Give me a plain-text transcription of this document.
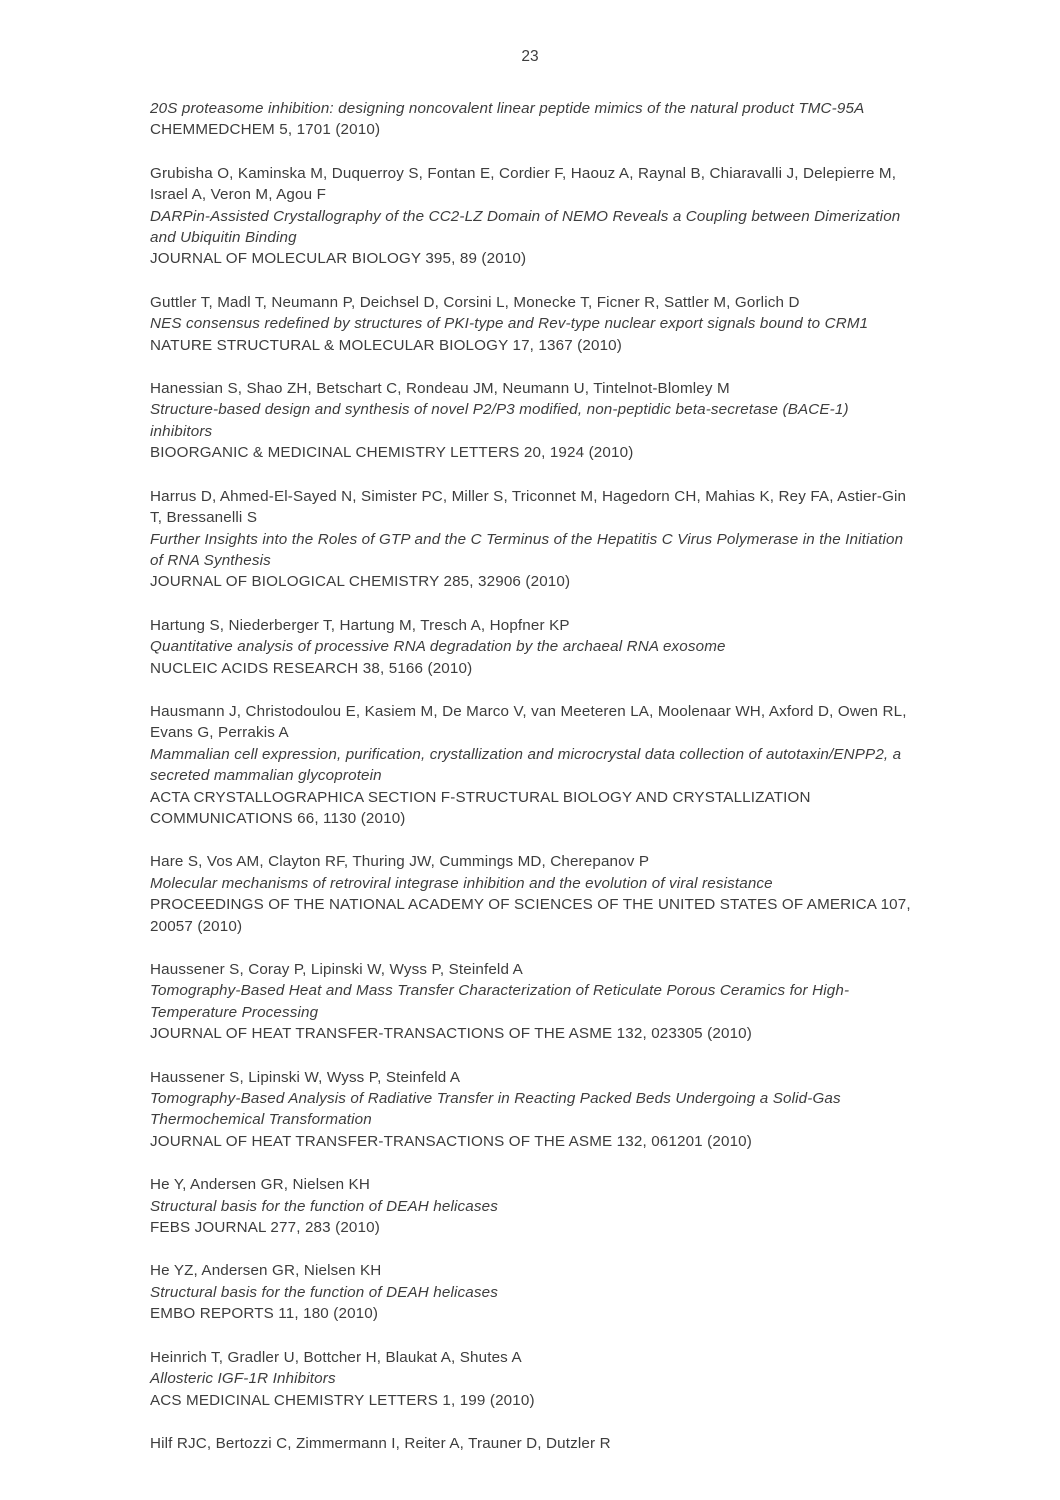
23
20S proteasome inhibition: designing noncovalent linear peptide mimics of the natural product TMC-95A
CHEMMEDCHEM 5, 1701 (2010)
Grubisha O, Kaminska M, Duquerroy S, Fontan E, Cordier F, Haouz A, Raynal B, Chiaravalli J, Delepierre M, Israel A, Veron M, Agou F
DARPin-Assisted Crystallography of the CC2-LZ Domain of NEMO Reveals a Coupling between Dimerization and Ubiquitin Binding
JOURNAL OF MOLECULAR BIOLOGY 395, 89 (2010)
Guttler T, Madl T, Neumann P, Deichsel D, Corsini L, Monecke T, Ficner R, Sattler M, Gorlich D
NES consensus redefined by structures of PKI-type and Rev-type nuclear export signals bound to CRM1
NATURE STRUCTURAL & MOLECULAR BIOLOGY 17, 1367 (2010)
Hanessian S, Shao ZH, Betschart C, Rondeau JM, Neumann U, Tintelnot-Blomley M
Structure-based design and synthesis of novel P2/P3 modified, non-peptidic beta-secretase (BACE-1) inhibitors
BIOORGANIC & MEDICINAL CHEMISTRY LETTERS 20, 1924 (2010)
Harrus D, Ahmed-El-Sayed N, Simister PC, Miller S, Triconnet M, Hagedorn CH, Mahias K, Rey FA, Astier-Gin T, Bressanelli S
Further Insights into the Roles of GTP and the C Terminus of the Hepatitis C Virus Polymerase in the Initiation of RNA Synthesis
JOURNAL OF BIOLOGICAL CHEMISTRY 285, 32906 (2010)
Hartung S, Niederberger T, Hartung M, Tresch A, Hopfner KP
Quantitative analysis of processive RNA degradation by the archaeal RNA exosome
NUCLEIC ACIDS RESEARCH 38, 5166 (2010)
Hausmann J, Christodoulou E, Kasiem M, De Marco V, van Meeteren LA, Moolenaar WH, Axford D, Owen RL, Evans G, Perrakis A
Mammalian cell expression, purification, crystallization and microcrystal data collection of autotaxin/ENPP2, a secreted mammalian glycoprotein
ACTA CRYSTALLOGRAPHICA SECTION F-STRUCTURAL BIOLOGY AND CRYSTALLIZATION COMMUNICATIONS 66, 1130 (2010)
Hare S, Vos AM, Clayton RF, Thuring JW, Cummings MD, Cherepanov P
Molecular mechanisms of retroviral integrase inhibition and the evolution of viral resistance
PROCEEDINGS OF THE NATIONAL ACADEMY OF SCIENCES OF THE UNITED STATES OF AMERICA 107, 20057 (2010)
Haussener S, Coray P, Lipinski W, Wyss P, Steinfeld A
Tomography-Based Heat and Mass Transfer Characterization of Reticulate Porous Ceramics for High-Temperature Processing
JOURNAL OF HEAT TRANSFER-TRANSACTIONS OF THE ASME 132, 023305 (2010)
Haussener S, Lipinski W, Wyss P, Steinfeld A
Tomography-Based Analysis of Radiative Transfer in Reacting Packed Beds Undergoing a Solid-Gas Thermochemical Transformation
JOURNAL OF HEAT TRANSFER-TRANSACTIONS OF THE ASME 132, 061201 (2010)
He Y, Andersen GR, Nielsen KH
Structural basis for the function of DEAH helicases
FEBS JOURNAL 277, 283 (2010)
He YZ, Andersen GR, Nielsen KH
Structural basis for the function of DEAH helicases
EMBO REPORTS 11, 180 (2010)
Heinrich T, Gradler U, Bottcher H, Blaukat A, Shutes A
Allosteric IGF-1R Inhibitors
ACS MEDICINAL CHEMISTRY LETTERS 1, 199 (2010)
Hilf RJC, Bertozzi C, Zimmermann I, Reiter A, Trauner D, Dutzler R
